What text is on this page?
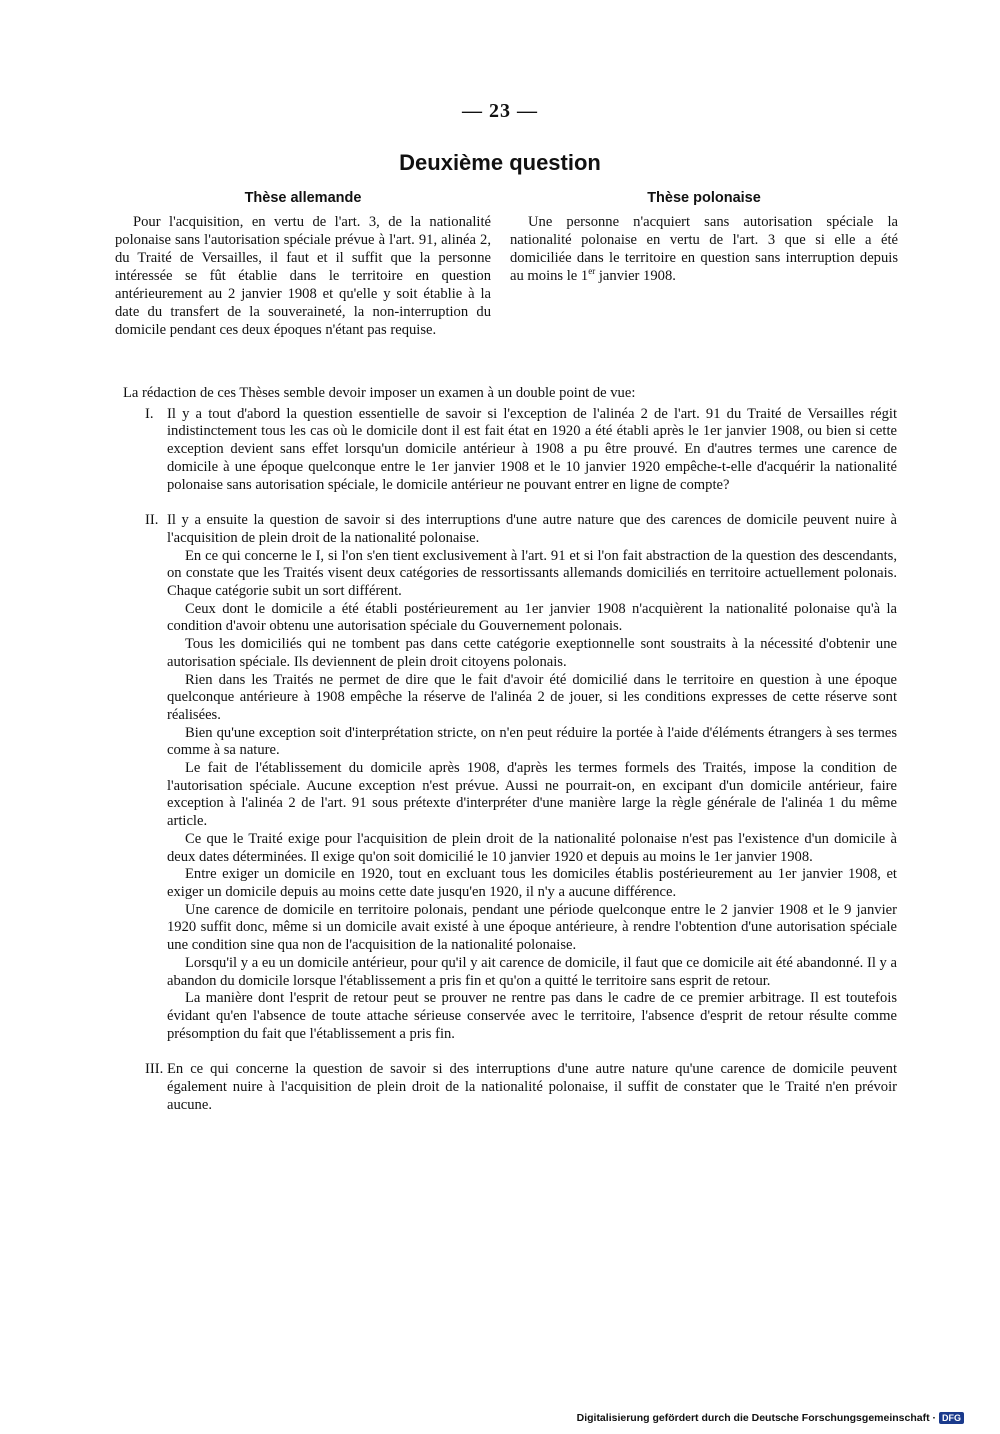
— 23 —
Deuxième question
Thèse allemande	Thèse polonaise
Pour l'acquisition, en vertu de l'art. 3, de la nationalité polonaise sans l'autorisation spéciale prévue à l'art. 91, alinéa 2, du Traité de Versailles, il faut et il suffit que la personne intéressée se fût établie dans le territoire en question antérieurement au 2 janvier 1908 et qu'elle y soit établie à la date du transfert de la souveraineté, la non-interruption du domicile pendant ces deux époques n'étant pas requise.
Une personne n'acquiert sans autorisation spéciale la nationalité polonaise en vertu de l'art. 3 que si elle a été domiciliée dans le territoire en question sans interruption depuis au moins le 1er janvier 1908.

La rédaction de ces Thèses semble devoir imposer un examen à un double point de vue:

I. Il y a tout d'abord la question essentielle de savoir si l'exception de l'alinéa 2 de l'art. 91 du Traité de Versailles régit indistinctement tous les cas où le domicile dont il est fait état en 1920 a été établi après le 1er janvier 1908, ou bien si cette exception devient sans effet lorsqu'un domicile antérieur à 1908 a pu être prouvé. En d'autres termes une carence de domicile à une époque quelconque entre le 1er janvier 1908 et le 10 janvier 1920 empêche-t-elle d'acquérir la nationalité polonaise sans autorisation spéciale, le domicile antérieur ne pouvant entrer en ligne de compte?

II. Il y a ensuite la question de savoir si des interruptions d'une autre nature que des carences de domicile peuvent nuire à l'acquisition de plein droit de la nationalité polonaise.

En ce qui concerne le I, si l'on s'en tient exclusivement à l'art. 91 et si l'on fait abstraction de la question des descendants, on constate que les Traités visent deux catégories de ressortissants allemands domiciliés en territoire actuellement polonais. Chaque catégorie subit un sort différent.

Ceux dont le domicile a été établi postérieurement au 1er janvier 1908 n'acquièrent la nationalité polonaise qu'à la condition d'avoir obtenu une autorisation spéciale du Gouvernement polonais.

Tous les domiciliés qui ne tombent pas dans cette catégorie exeptionnelle sont soustraits à la nécessité d'obtenir une autorisation spéciale. Ils deviennent de plein droit citoyens polonais.

Rien dans les Traités ne permet de dire que le fait d'avoir été domicilié dans le territoire en question à une époque quelconque antérieure à 1908 empêche la réserve de l'alinéa 2 de jouer, si les conditions expresses de cette réserve sont réalisées.

Bien qu'une exception soit d'interprétation stricte, on n'en peut réduire la portée à l'aide d'éléments étrangers à ses termes comme à sa nature.

Le fait de l'établissement du domicile après 1908, d'après les termes formels des Traités, impose la condition de l'autorisation spéciale. Aucune exception n'est prévue. Aussi ne pourrait-on, en excipant d'un domicile antérieur, faire exception à l'alinéa 2 de l'art. 91 sous prétexte d'interpréter d'une manière large la règle générale de l'alinéa 1 du même article.

Ce que le Traité exige pour l'acquisition de plein droit de la nationalité polonaise n'est pas l'existence d'un domicile à deux dates déterminées. Il exige qu'on soit domicilié le 10 janvier 1920 et depuis au moins le 1er janvier 1908.

Entre exiger un domicile en 1920, tout en excluant tous les domiciles établis postérieurement au 1er janvier 1908, et exiger un domicile depuis au moins cette date jusqu'en 1920, il n'y a aucune différence.

Une carence de domicile en territoire polonais, pendant une période quelconque entre le 2 janvier 1908 et le 9 janvier 1920 suffit donc, même si un domicile avait existé à une époque antérieure, à rendre l'obtention d'une autorisation spéciale une condition sine qua non de l'acquisition de la nationalité polonaise.

Lorsqu'il y a eu un domicile antérieur, pour qu'il y ait carence de domicile, il faut que ce domicile ait été abandonné. Il y a abandon du domicile lorsque l'établissement a pris fin et qu'on a quitté le territoire sans esprit de retour.

La manière dont l'esprit de retour peut se prouver ne rentre pas dans le cadre de ce premier arbitrage. Il est toutefois évidant qu'en l'absence de toute attache sérieuse conservée avec le territoire, l'absence d'esprit de retour résulte comme présomption du fait que l'établissement a pris fin.

III. En ce qui concerne la question de savoir si des interruptions d'une autre nature qu'une carence de domicile peuvent également nuire à l'acquisition de plein droit de la nationalité polonaise, il suffit de constater que le Traité n'en prévoir aucune.

Digitalisierung gefördert durch die Deutsche Forschungsgemeinschaft · DFG
